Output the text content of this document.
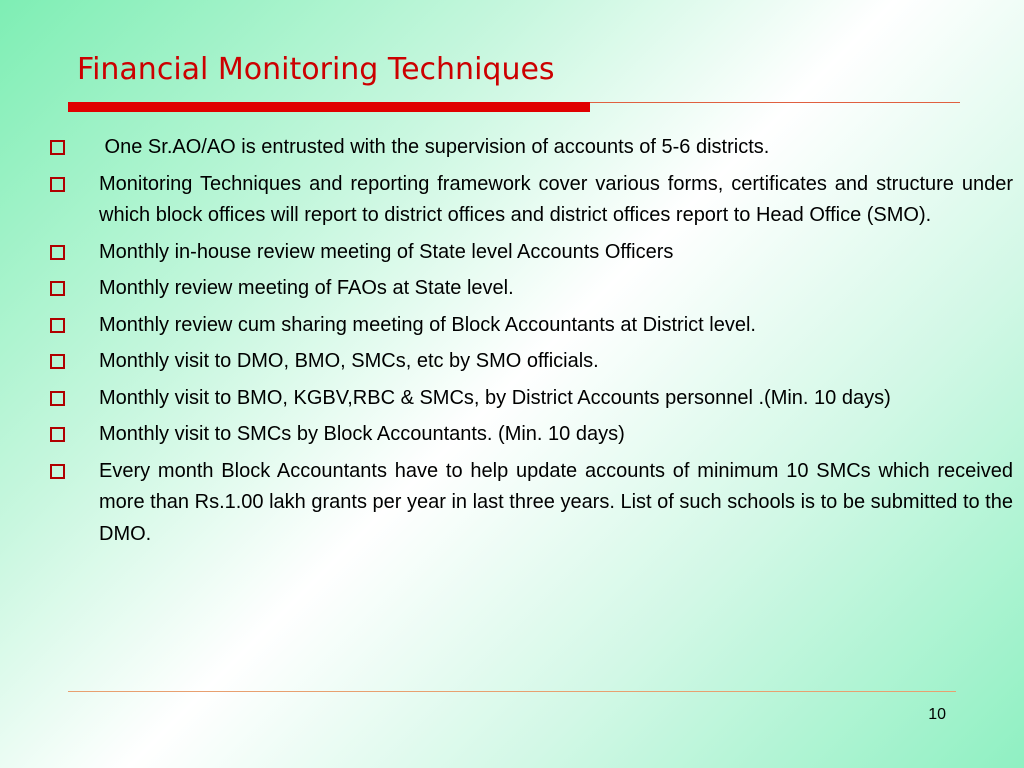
Financial Monitoring Techniques
One Sr.AO/AO is entrusted with the supervision of accounts of 5-6 districts.
Monitoring Techniques and reporting framework cover various forms, certificates and structure under which block offices will report to district offices and district offices report to Head Office (SMO).
Monthly in-house review meeting of State level Accounts Officers
Monthly review meeting of FAOs at State level.
Monthly review cum sharing meeting of Block Accountants at District level.
Monthly visit to DMO, BMO, SMCs, etc by SMO officials.
Monthly visit to BMO, KGBV,RBC & SMCs, by District Accounts personnel .(Min. 10 days)
Monthly visit to SMCs by Block Accountants. (Min. 10 days)
Every month Block Accountants have to help update accounts of minimum 10 SMCs which received more than Rs.1.00 lakh grants per year in last three years. List of such schools is to be submitted to the DMO.
10
